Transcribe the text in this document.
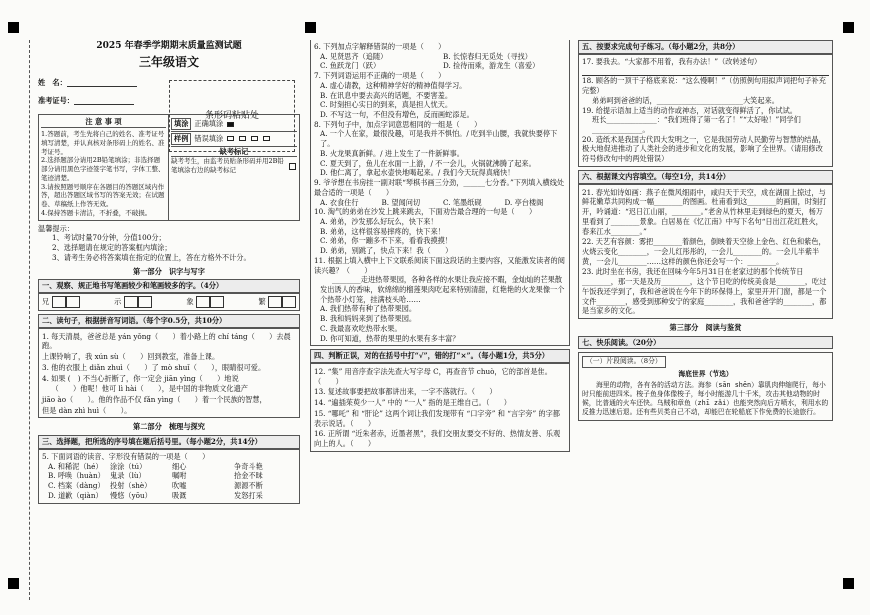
2025 年春季学期期末质量监测试题
三年级语文
姓　名：
准考证号：
条形码粘贴处
注 意 事 项
1.答题前，考生先将自己的姓名、准考证号填写清楚，并认真核对条形码上的姓名、准考证号。
2.选择题部分请用2B铅笔填涂；非选择题部分请用黑色字迹签字笔书写，字体工整、笔迹清楚。
3.请按照题号顺序在各题目的答题区域内作答，超出答题区域书写的答案无效；在试题卷、草稿纸上作答无效。
4.保持答题卡清洁，不折叠，不破损。
填涂 正确填涂
样例 错误填涂
缺考标记
缺考考生，由监考员贴条形码并用2B铅笔填涂右边的缺考标记
温馨提示：
1、考试时量70分钟，分值100分；
2、选择题请在规定的答案框内填涂；
3、请考生务必将答案填在指定的位置上，答在方格外不计分。
第一部分　识字与写字
一、观察、规正地书写笔画较少和笔画较多的字。（4分）
兄	示	象	繁
二、读句子，根据拼音写词语。（每个字0.5分，共10分）
1. 每天清晨，爸爸总是 yán yǒng（　　）着小路上的 chí táng（　　）去晨跑。
上课铃响了，我 xún sù（　　）回到教室，准备上课。
3. 他的衣服上 diǎn zhuì（　　）了 mò shuǐ（　　），眼睛很可爱。
4. 如果 (　) 不当心折断了，你一定会 jiān yìng（　　）地说
　 （　　）他呢！他可 lì hài（　　），是中国的非物质文化遗产
jiāo ào（　　）。他的作品不仅 fǎn yìng（　　）着一个民族的智慧，
但是 dàn zhì huì（　　）。
第二部分　梳理与探究
三、选择题，把所选的序号填在题后括号里。（每小题2分，共14分）
5. 下面词语的读音、字形没有错误的一项是（　　）
A. 和稀泥（hé）	涂涂（tú）	细心	争奇斗艳
B. 呼唤（huàn） 鬼录（lù）	嘱咐	拾金不昧
C. 档案（dàng） 投射（shè）	吹嘘	源源不断
D. 道歉（qiàn）	慢悠（yōu）	吸溉	发怒打采
6. 下列加点字解释错误的一项是（　　）
A. 见贤思齐（追随）	B. 长惊春归无觅处（寻找）
C. 鱼跃龙门（跃）	D. 捡待而乘，游龙生（喜爱）
7. 下列词语运用不正确的一项是（　　）
A. 虚心请教，这种精神学好的精神值得学习。
B. 在讯息中要去高兴的话题，不要害羞。
C. 时刻担心实日的到来，真是担人忧天。
D. 不写这一句，不但没有增色，反而画蛇添足。
8. 下列句子中，加点字词意思相同的一组是（　　）
A. 一个人在家，最很没趣，可是我并不惧怕。/ 吃到半山腰，我就快要停下了。
B. 火龙果真新鲜。/ 进上发生了一件新鲜事。
C. 夏天到了，鱼儿在水面一上游，/ 不一会儿，火锅就沸腾了起来。
D. 他仁离了，拿起水壶快地喝起来。/ 我们今天玩得真痛快！
9. 爷爷想在书房挂一副对联“琴棋书画三分劲，______七分香。”下列填入横线处最合适的一项是（　　）
A. 衣食住行	B. 望闻问切	C. 笔墨纸砚	D. 亭台楼阁
10. 淘气的弟弟在沙发上跳来跳去，下面劝告最合理的一句是（　　）
A. 弟弟，沙发那么好玩么，快下来！
B. 弟弟，这样很容易摔疼的，快下来！
C. 弟弟，你一蹦多不下来，看看我摸摸！
D. 弟弟，别跳了，快点下来！我（　　）
11. 根据上填入横中上下文联系阅读下面这段话的主要内容，又能激发读者的阅读兴趣？（　　）
________走进热带果园，各种各样的水果让我应接不暇，金灿灿的芒果散发出诱人的香味，软绵绵的榴莲果肉吃起来特别清甜，红艳艳的火龙果像一个个热带小灯笼，挂满枝头哈……
A. 我们热带有种了热带果园。
B. 我和妈妈来到了热带果园。
C. 我最喜欢吃热带水果。
D. 你可知道，热带的果里的水果有多丰富？
四、判断正误，对的在括号中打“√”，错的打“×”。（每小题1分，共5分）
12. “集” 用音序查字法先查大写字母 C，再查音节 chuò，它的部首是隹。（　　）
13. 复述故事要把故事都讲出来，一字不落就行。（　　）
14. “遍插茱萸少一人” 中的 “一人” 指的是王维自己。（　　）
15. “哪吒” 和 “肝论” 这两个词让我们发现带有 “口字旁” 和 “言字旁” 的字都表示说话。（　　）
16. 正所谓 “近朱者赤，近墨者黑”，我们交朋友要交不好的、热情友善、乐观向上的人。（　　）
五、按要求完成句子练习。（每小题2分，共8分）
17. 要我去。“大家都不用着，我有办法！”（改转述句）
18. 顾各的一顶干子格底来说：“这么慢啊！”（仿照例句用拟声词把句子补充完整）
弟弟呵到爸爸的话，________________________大笑起来。
19. 给提示语加上适当的动作或神态，对话就变得鲜活了，你试试。
班长______________：“我们班得了第一名了！”“太好啦！”同学们______________。
20. 造纸术是我国古代四大发明之一，它是我国劳动人民勤劳与智慧的结晶，极大地促进推动了人类社会的进步和文化的发展，影响了全世界。（请用修改符号修改句中的两处错误）
六、根据课文内容填空。（每空1分，共14分）
21. 春光如诗如画：燕子在微风细雨中，咸归天于天空，成在湖面上掠过，与鲜花嫩草共同构成一幅________的图画。杜甫看到这________的画面，时刻打开，吟诵道：“迟日江山丽，________。”老舍从竹林里走到绿色的夏天，杨万里看到了________景象。白居易在《忆江南》中写下名句“日出江花红胜火，春来江水________。”
22. 天艺有容颜：雾把________着颜色，倒映着天空徐上金色、红色和紫色，火烧云变化________，一会儿红彤彤的，一会儿________的。一会儿半紫半黄，一会儿________……这样的颜色你还会写一个：________。
23. 此时坐在书房，我还在回味今年5月31日在老家过的那个传统节日________，那一天是及历________，这个节日吃的传统美食是________，吃过午饭我还学到了，我和爸爸说在今年下的环保得上，家里开开门窗，都是一个文件________，感受到那种安宁的家庭________，我和爸爸学的________，都是当家乡的文化。
第三部分　阅读与鉴赏
七、快乐阅读。（20分）
（一）片段阅读。（8分）
海底世界（节选）
海里的动物，各有各的活动方法。海参（sān shēn）靠肌肉伸缩爬行，每小时只能前进四米。梭子鱼身体像梭子，每小时能游几十千米，攻击其他动物的时候，比普通的火车还快。乌贼和章鱼（zhī zǎi）也能突然向后方喷水，利用水的反推力迅速后退。还有些贝类自己不动，却能巴在轮船底下作免费的长途旅行。
